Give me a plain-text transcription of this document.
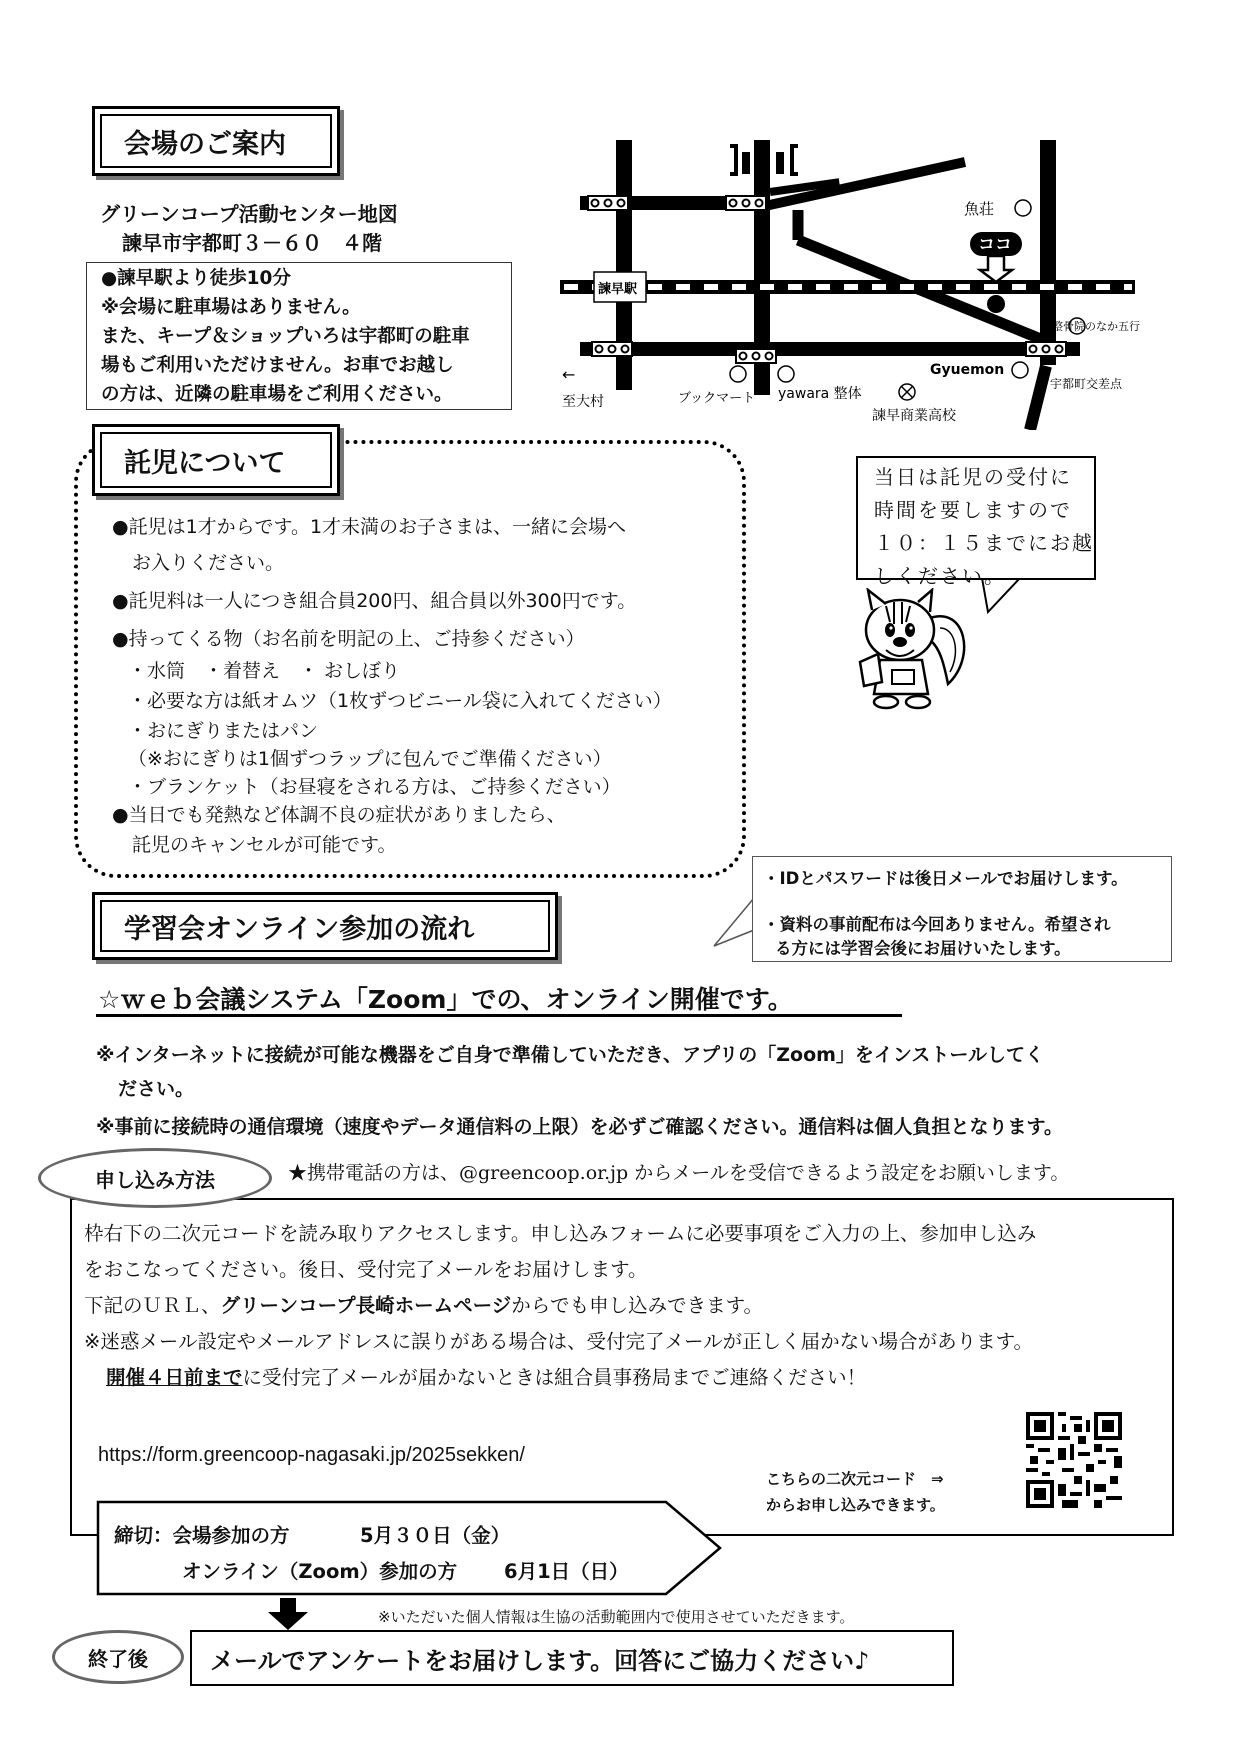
会場のご案内
グリーンコープ活動センター地図
諫早市宇都町３－６０　４階
●諫早駅より徒歩10分
※会場に駐車場はありません。
また、キープ＆ショップいろは宇都町の駐車
場もご利用いただけません。お車でお越し
の方は、近隣の駐車場をご利用ください。
諫早駅
魚荘
ココ
整骨院のなか五行
Gyuemon
宇都町交差点
←
至大村	ブックマート yawara 整体
諫早商業高校
当日は託児の受付に
時間を要しますので
１０：１５までにお越
しください。
託児について
●託児は1才からです。1才未満のお子さまは、一緒に会場へ
お入りください。
●託児料は一人につき組合員200円、組合員以外300円です。
●持ってくる物（お名前を明記の上、ご持参ください）
・水筒　・着替え　・ おしぼり
・必要な方は紙オムツ（1枚ずつビニール袋に入れてください）
・おにぎりまたはパン
（※おにぎりは1個ずつラップに包んでご準備ください）
・ブランケット（お昼寝をされる方は、ご持参ください）
●当日でも発熱など体調不良の症状がありましたら、
託児のキャンセルが可能です。
・IDとパスワードは後日メールでお届けします。
・資料の事前配布は今回ありません。希望され
る方には学習会後にお届けいたします。
学習会オンライン参加の流れ
☆ｗｅｂ会議システム「Zoom」での、オンライン開催です。
※インターネットに接続が可能な機器をご自身で準備していただき、アプリの「Zoom」をインストールしてく
ださい。
※事前に接続時の通信環境（速度やデータ通信料の上限）を必ずご確認ください。通信料は個人負担となります。
申し込み方法	★携帯電話の方は、@greencoop.or.jp からメールを受信できるよう設定をお願いします。
枠右下の二次元コードを読み取りアクセスします。申し込みフォームに必要事項をご入力の上、参加申し込み
をおこなってください。後日、受付完了メールをお届けします。
下記のＵＲＬ、グリーンコープ長崎ホームページからでも申し込みできます。
※迷惑メール設定やメールアドレスに誤りがある場合は、受付完了メールが正しく届かない場合があります。
開催４日前までに受付完了メールが届かないときは組合員事務局までご連絡ください！
https://form.greencoop-nagasaki.jp/2025sekken/
こちらの二次元コード　⇒
からお申し込みできます。
締切：会場参加の方	5月３０日（金）
オンライン（Zoom）参加の方 6月1日（日）
※いただいた個人情報は生協の活動範囲内で使用させていただきます。
終了後	メールでアンケートをお届けします。回答にご協力ください♪
